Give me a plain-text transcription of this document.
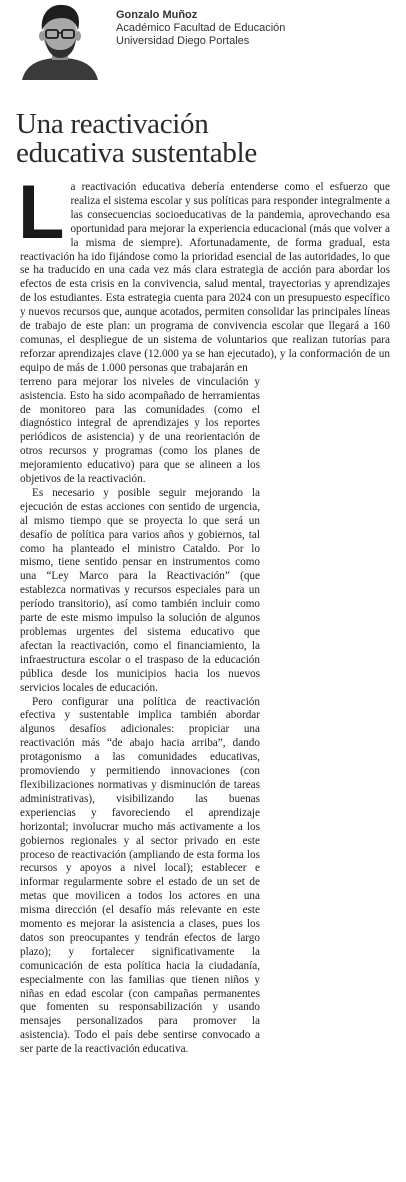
Gonzalo Muñoz

Académico Facultad de Educación

Universidad Diego Portales

Una reactivación
educativa sustentable

La reactivación educativa debería entenderse como el esfuerzo que realiza el sistema escolar y sus políticas para responder integralmente a las consecuencias socioeducativas de la pandemia, aprovechando esa oportunidad para mejorar la experiencia educacional (más que volver a la misma de siempre). Afortunadamente, de forma gradual, esta reactivación ha ido fijándose como la prioridad esencial de las autoridades, lo que se ha traducido en una cada vez más clara estrategia de acción para abordar los efectos de esta crisis en la convivencia, salud mental, trayectorias y aprendizajes de los estudiantes. Esta estrategia cuenta para 2024 con un presupuesto específico y nuevos recursos que, aunque acotados, permiten consolidar las principales líneas de trabajo de este plan: un programa de convivencia escolar que llegará a 160 comunas, el despliegue de un sistema de voluntarios que realizan tutorías para reforzar aprendizajes clave (12.000 ya se han ejecutado), y la conformación de un equipo de más de 1.000 personas que trabajarán en

terreno para mejorar los niveles de vinculación y asistencia. Esto ha sido acompañado de herramientas de monitoreo para las comunidades (como el diagnóstico integral de aprendizajes y los reportes periódicos de asistencia) y de una reorientación de otros recursos y programas (como los planes de mejoramiento educativo) para que se alineen a los objetivos de la reactivación.

Es necesario y posible seguir mejorando la ejecución de estas acciones con sentido de urgencia, al mismo tiempo que se proyecta lo que será un desafío de política para varios años y gobiernos, tal como ha planteado el ministro Cataldo. Por lo mismo, tiene sentido pensar en instrumentos como una “Ley Marco para la Reactivación” (que establezca normativas y recursos especiales para un período transitorio), así como también incluir como parte de este mismo impulso la solución de algunos problemas urgentes del sistema educativo que afectan la reactivación, como el financiamiento, la infraestructura escolar o el traspaso de la educación pública desde los municipios hacia los nuevos servicios locales de educación.

Pero configurar una política de reactivación efectiva y sustentable implica también abordar algunos desafíos adicionales: propiciar una reactivación más “de abajo hacia arriba”, dando protagonismo a las comunidades educativas, promoviendo y permitiendo innovaciones (con flexibilizaciones normativas y disminución de tareas administrativas), visibilizando las buenas experiencias y favoreciendo el aprendizaje horizontal; involucrar mucho más activamente a los gobiernos regionales y al sector privado en este proceso de reactivación (ampliando de esta forma los recursos y apoyos a nivel local); establecer e informar regularmente sobre el estado de un set de metas que movilicen a todos los actores en una misma dirección (el desafío más relevante en este momento es mejorar la asistencia a clases, pues los datos son preocupantes y tendrán efectos de largo plazo); y fortalecer significativamente la comunicación de esta política hacia la ciudadanía, especialmente con las familias que tienen niños y niñas en edad escolar (con campañas permanentes que fomenten su responsabilización y usando mensajes personalizados para promover la asistencia). Todo el país debe sentirse convocado a ser parte de la reactivación educativa.
